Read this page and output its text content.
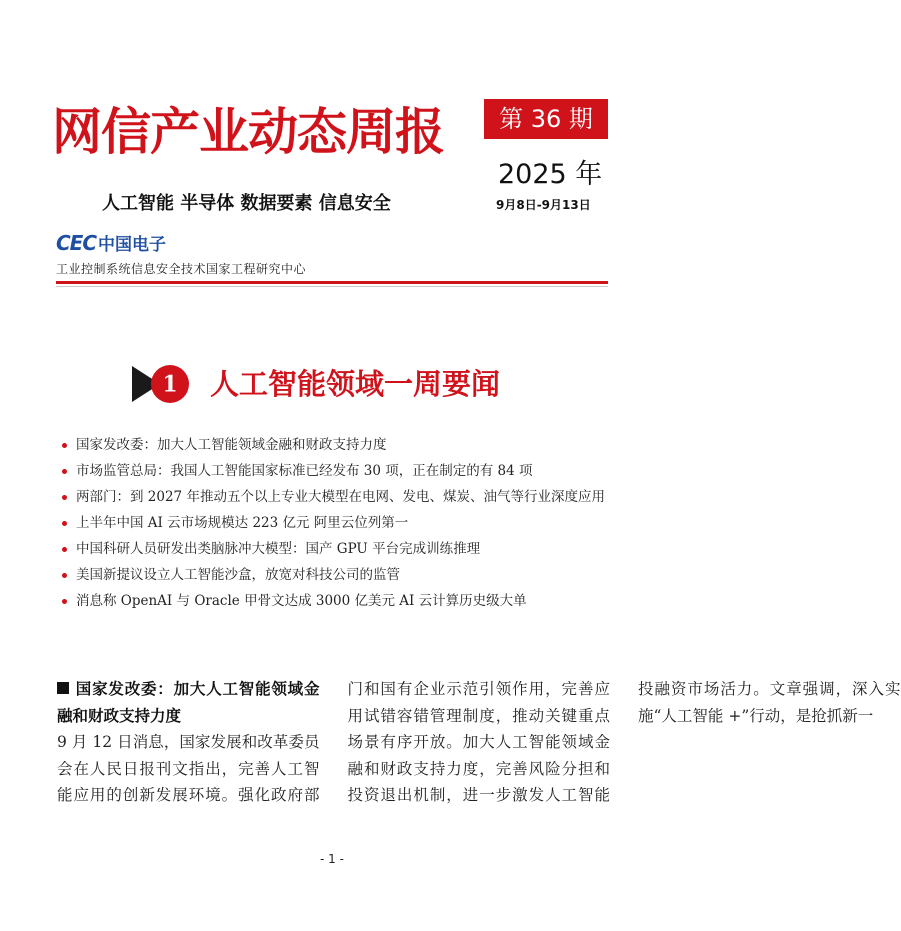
网信产业动态周报	第 36 期
2025 年
人工智能 半导体 数据要素 信息安全	9月8日-9月13日
CEC 中国电子
工业控制系统信息安全技术国家工程研究中心
1 人工智能领域一周要闻
国家发改委：加大人工智能领域金融和财政支持力度
市场监管总局：我国人工智能国家标准已经发布 30 项，正在制定的有 84 项
两部门：到 2027 年推动五个以上专业大模型在电网、发电、煤炭、油气等行业深度应用
上半年中国 AI 云市场规模达 223 亿元 阿里云位列第一
中国科研人员研发出类脑脉冲大模型：国产 GPU 平台完成训练推理
美国新提议设立人工智能沙盒，放宽对科技公司的监管
消息称 OpenAI 与 Oracle 甲骨文达成 3000 亿美元 AI 云计算历史级大单
国家发改委：加大人工智能领域金融和财政支持力度

9 月 12 日消息，国家发展和改革委员会在人民日报刊文指出，完善人工智能应用的创新发展环境。强化政府部门和国有企业示范引领作用，完善应用试错容错管理制度，推动关键重点场景有序开放。加大人工智能领域金融和财政支持力度，完善风险分担和投资退出机制，进一步激发人工智能投融资市场活力。文章强调，深入实施“人工智能 +”行动，是抢抓新一

- 1 -
